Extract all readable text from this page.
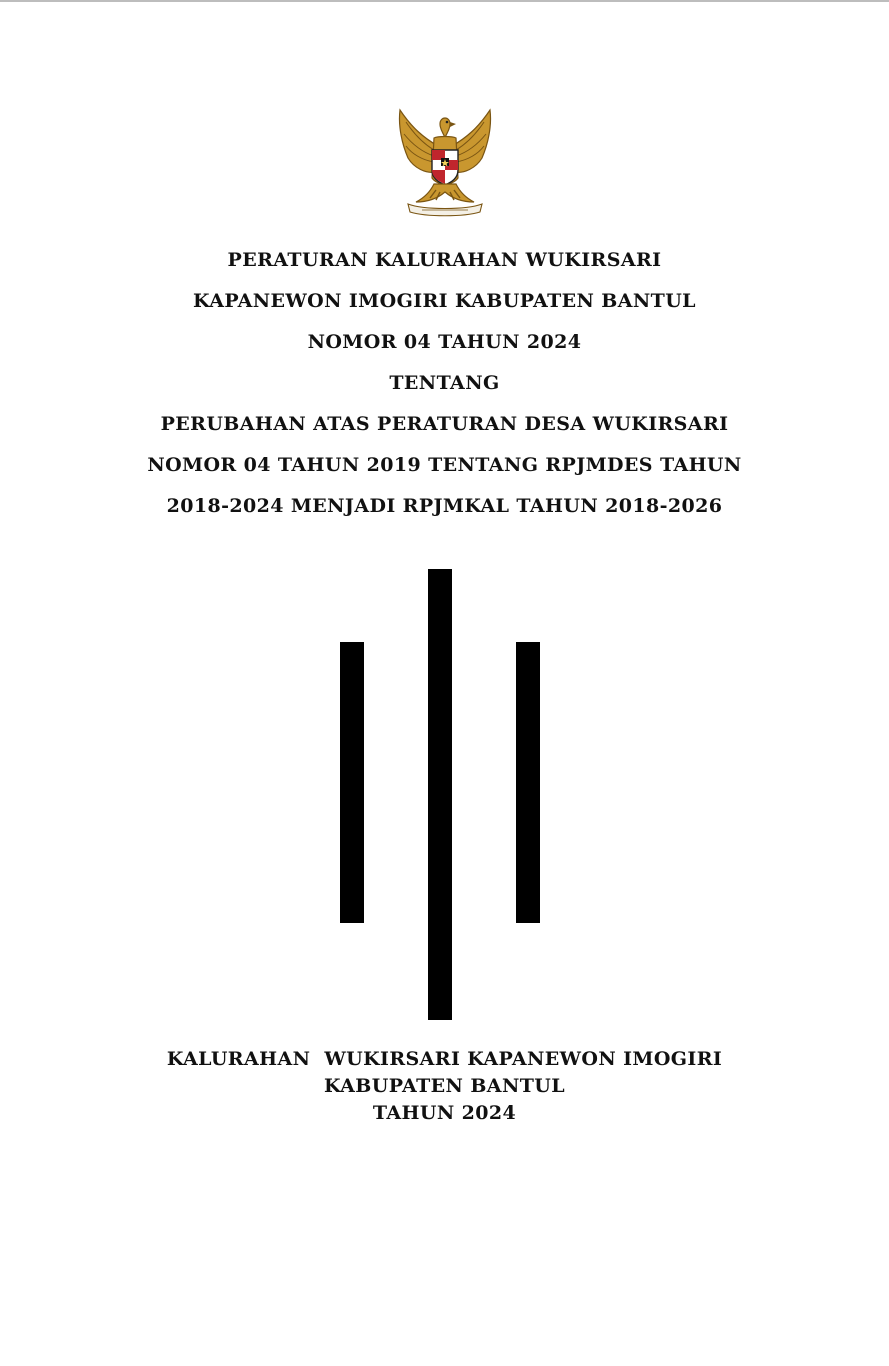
PERATURAN KALURAHAN WUKIRSARI
KAPANEWON IMOGIRI KABUPATEN BANTUL
NOMOR 04 TAHUN 2024
TENTANG
PERUBAHAN ATAS PERATURAN DESA WUKIRSARI
NOMOR 04 TAHUN 2019 TENTANG RPJMDES TAHUN
2018-2024 MENJADI RPJMKAL TAHUN 2018-2026
KALURAHAN  WUKIRSARI KAPANEWON IMOGIRI
KABUPATEN BANTUL
TAHUN 2024
